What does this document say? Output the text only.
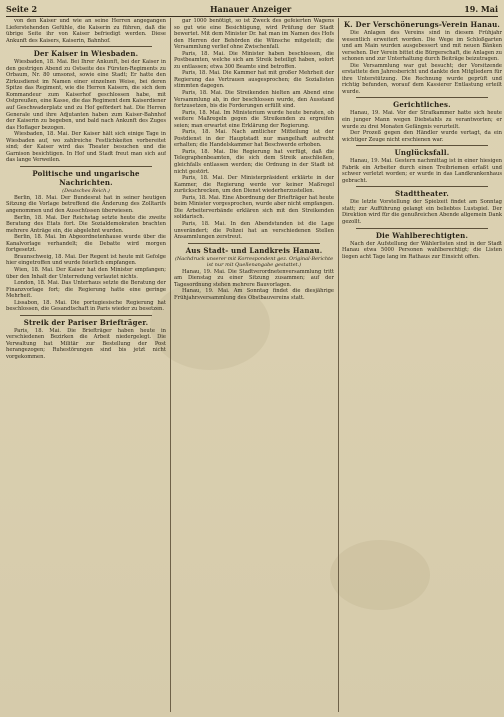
Seite 2	Hanauer Anzeiger	19. Mai

von den Kaiser und wie an seine Herren angegangen Lieferstehenden Gefühle, die Kaiserin zu führen, daß die übrige Seite ihr von Kaiser befriedigt werden. Diese Ankunft des Kaisers, Kaiserin, Bahnhof.

Der Kaiser in Wiesbaden.

Wiesbaden, 18. Mai. Bei Ihrer Ankunft, bei der Kaiser in den gestrigen Abend zu Ostseite des Fürsten-Regiments zu Orbaum, Nr. 80 umsonst, sowie eine Stadt; Er hatte den Zirkusdienst im Namen einer einzelnen Weise, bei deren Spitze das Regiment, wie die Herren Kaisern, die sich dem Kommandeur zum Kaiserhof geschlossen habe, mit Ostpreußen, eine Kasse, die das Regiment dem Kaiserdiener auf Geschwaderplatz und zu Hof gefördert hat. Die Herren Generale und ihre Adjutanten haben zum Kaiser-Bahnhof der Kaiserin zu begeben, und bald nach Ankunft des Zuges das Hoflager bezogen.

Wiesbaden, 18. Mai. Der Kaiser hält sich einige Tage in Wiesbaden auf, wo zahlreiche Festlichkeiten vorbereitet sind; der Kaiser wird das Theater besuchen und die Garnison besichtigen. In Hof und Stadt freut man sich auf das lange Verweilen.

Politische und ungarische Nachrichten.
(Deutsches Reich.)

Berlin, 18. Mai. Der Bundesrat hat in seiner heutigen Sitzung die Vorlage betreffend die Änderung des Zolltarifs angenommen und den Ausschüssen überwiesen.

Berlin, 18. Mai. Der Reichstag setzte heute die zweite Beratung des Etats fort. Die Sozialdemokraten brachten mehrere Anträge ein, die abgelehnt wurden.

Berlin, 18. Mai. Im Abgeordnetenhause wurde über die Kanalvorlage verhandelt; die Debatte wird morgen fortgesetzt.

Braunschweig, 18. Mai. Der Regent ist heute mit Gefolge hier eingetroffen und wurde feierlich empfangen.

Wien, 18. Mai. Der Kaiser hat den Minister empfangen; über den Inhalt der Unterredung verlautet nichts.

London, 18. Mai. Das Unterhaus setzte die Beratung der Finanzvorlage fort; die Regierung hatte eine geringe Mehrheit.

Lissabon, 18. Mai. Die portugiesische Regierung hat beschlossen, die Gesandtschaft in Paris wieder zu besetzen.

Streik der Pariser Briefträger.

Paris, 18. Mai. Die Briefträger haben heute in verschiedenen Bezirken die Arbeit niedergelegt. Die Verwaltung hat Militär zur Bestellung der Post herangezogen; Ruhestörungen sind bis jetzt nicht vorgekommen.

gar 1000 benötigt, so ist Zweck des gefeierten Wagens so gut wie eine Besichtigung, wird Prüfung der Stadt bewertet. Mit dem Minister Dr. hat man im Namen des Hofs den Herren der Behörden die Wünsche mitgeteilt; die Versammlung verlief ohne Zwischenfall.

Paris, 18. Mai. Die Minister haben beschlossen, die Postbeamten, welche sich am Streik beteiligt haben, sofort zu entlassen; etwa 300 Beamte sind betroffen.

Paris, 18. Mai. Die Kammer hat mit großer Mehrheit der Regierung das Vertrauen ausgesprochen; die Sozialisten stimmten dagegen.

Paris, 18. Mai. Die Streikenden hielten am Abend eine Versammlung ab, in der beschlossen wurde, den Ausstand fortzusetzen, bis die Forderungen erfüllt sind.

Paris, 18. Mai. Im Ministerium wurde heute beraten, ob weitere Maßregeln gegen die Streikenden zu ergreifen seien; man erwartet eine Erklärung der Regierung.

Paris, 18. Mai. Nach amtlicher Mitteilung ist der Postdienst in der Hauptstadt nur mangelhaft aufrecht erhalten; die Handelskammer hat Beschwerde erhoben.

Paris, 18. Mai. Die Regierung hat verfügt, daß die Telegraphenbeamten, die sich dem Streik anschließen, gleichfalls entlassen werden; die Ordnung in der Stadt ist nicht gestört.

Paris, 18. Mai. Der Ministerpräsident erklärte in der Kammer, die Regierung werde vor keiner Maßregel zurückschrecken, um den Dienst wiederherzustellen.

Paris, 18. Mai. Eine Abordnung der Briefträger hat heute beim Minister vorgesprochen, wurde aber nicht empfangen. Die Arbeiterverbände erklären sich mit den Streikenden solidarisch.

Paris, 18. Mai. In den Abendstunden ist die Lage unverändert; die Polizei hat an verschiedenen Stellen Ansammlungen zerstreut.

Aus Stadt- und Landkreis Hanau.
(Nachdruck unserer mit Korrespondent gez. Original-Berichte ist nur mit Quellenangabe gestattet.)

Hanau, 19. Mai. Die Stadtverordnetenversammlung tritt am Dienstag zu einer Sitzung zusammen; auf der Tagesordnung stehen mehrere Bauvorlagen.

Hanau, 19. Mai. Am Sonntag findet die diesjährige Frühjahrsversammlung des Obstbauvereins statt.

K. Der Verschönerungs-Verein Hanau.

Die Anlagen des Vereins sind in diesem Frühjahr wesentlich erweitert worden. Die Wege im Schloßgarten und am Main wurden ausgebessert und mit neuen Bänken versehen. Der Verein bittet die Bürgerschaft, die Anlagen zu schonen und zur Unterhaltung durch Beiträge beizutragen.

Die Versammlung war gut besucht; der Vorsitzende erstattete den Jahresbericht und dankte den Mitgliedern für ihre Unterstützung. Die Rechnung wurde geprüft und richtig befunden, worauf dem Kassierer Entlastung erteilt wurde.

Gerichtliches.

Hanau, 19. Mai. Vor der Strafkammer hatte sich heute ein junger Mann wegen Diebstahls zu verantworten; er wurde zu drei Monaten Gefängnis verurteilt.

Der Prozeß gegen den Händler wurde vertagt, da ein wichtiger Zeuge nicht erschienen war.

Unglücksfall.

Hanau, 19. Mai. Gestern nachmittag ist in einer hiesigen Fabrik ein Arbeiter durch einen Treibriemen erfaßt und schwer verletzt worden; er wurde in das Landkrankenhaus gebracht.

Stadttheater.

Die letzte Vorstellung der Spielzeit findet am Sonntag statt; zur Aufführung gelangt ein beliebtes Lustspiel. Der Direktion wird für die genußreichen Abende allgemein Dank gezollt.

Die Wahlberechtigten.

Nach der Aufstellung der Wählerlisten sind in der Stadt Hanau etwa 5000 Personen wahlberechtigt; die Listen liegen acht Tage lang im Rathaus zur Einsicht offen.
